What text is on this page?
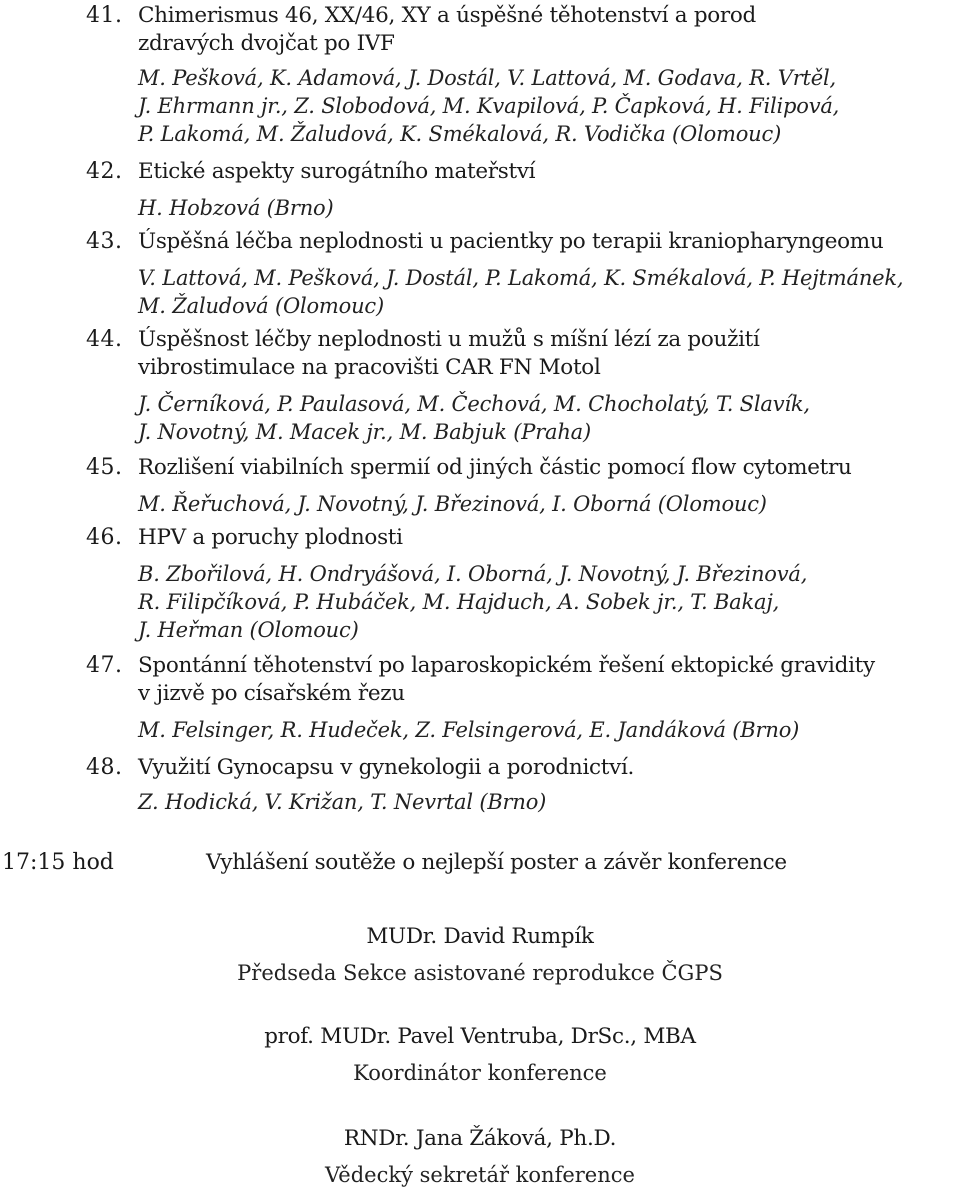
41. Chimerismus 46, XX/46, XY a úspěšné těhotenství a porod
zdravých dvojčat po IVF
M. Pešková, K. Adamová, J. Dostál, V. Lattová, M. Godava, R. Vrtěl,
J. Ehrmann jr., Z. Slobodová, M. Kvapilová, P. Čapková, H. Filipová,
P. Lakomá, M. Žaludová, K. Smékalová, R. Vodička (Olomouc)
42. Etické aspekty surogátního mateřství
H. Hobzová (Brno)
43. Úspěšná léčba neplodnosti u pacientky po terapii kraniopharyngeomu
V. Lattová, M. Pešková, J. Dostál, P. Lakomá, K. Smékalová, P. Hejtmánek,
M. Žaludová (Olomouc)
44. Úspěšnost léčby neplodnosti u mužů s míšní lézí za použití
vibrostimulace na pracovišti CAR FN Motol
J. Černíková, P. Paulasová, M. Čechová, M. Chocholatý, T. Slavík,
J. Novotný, M. Macek jr., M. Babjuk (Praha)
45. Rozlišení viabilních spermií od jiných částic pomocí flow cytometru
M. Řeřuchová, J. Novotný, J. Březinová, I. Oborná (Olomouc)
46. HPV a poruchy plodnosti
B. Zbořilová, H. Ondryášová, I. Oborná, J. Novotný, J. Březinová,
R. Filipčíková, P. Hubáček, M. Hajduch, A. Sobek jr., T. Bakaj,
J. Heřman (Olomouc)
47. Spontánní těhotenství po laparoskopickém řešení ektopické gravidity
v jizvě po císařském řezu
M. Felsinger, R. Hudeček, Z. Felsingerová, E. Jandáková (Brno)
48. Využití Gynocapsu v gynekologii a porodnictví.
Z. Hodická, V. Križan, T. Nevrtal (Brno)
17:15 hod	Vyhlášení soutěže o nejlepší poster a závěr konference
MUDr. David Rumpík
Předseda Sekce asistované reprodukce ČGPS
prof. MUDr. Pavel Ventruba, DrSc., MBA
Koordinátor konference
RNDr. Jana Žáková, Ph.D.
Vědecký sekretář konference
